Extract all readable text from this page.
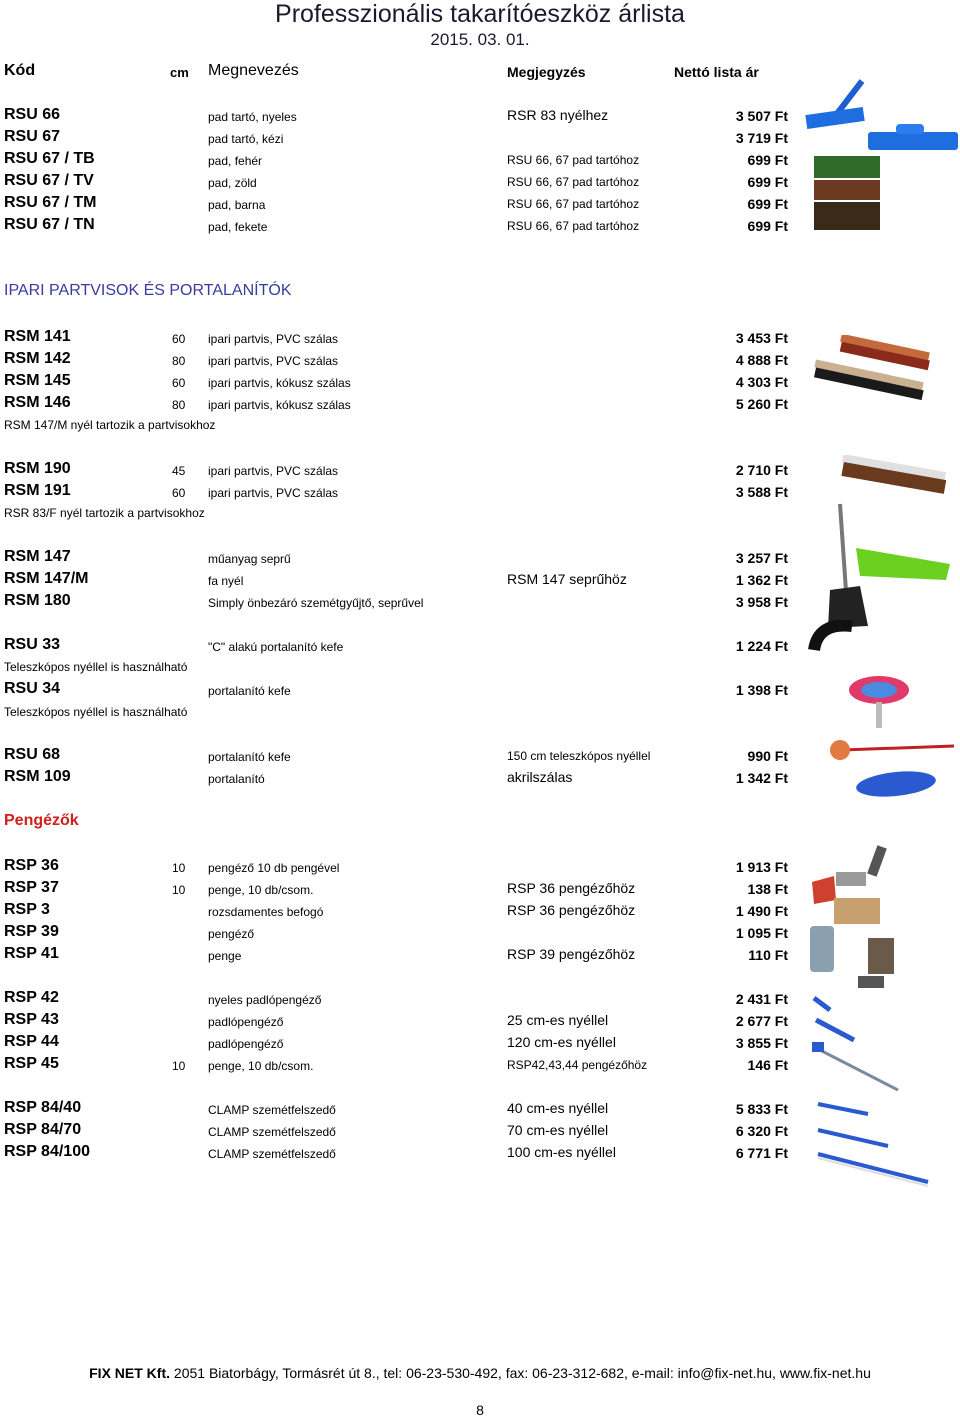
Professzionális takarítóeszköz árlista
2015. 03. 01.
Kód	cm Megnevezés	Megjegyzés	Nettó lista ár
RSU 66	pad tartó, nyeles	RSR 83 nyélhez	3 507 Ft
RSU 67	pad tartó, kézi	3 719 Ft
RSU 67 / TB	pad, fehér	RSU 66, 67 pad tartóhoz	699 Ft
RSU 67 / TV	pad, zöld	RSU 66, 67 pad tartóhoz	699 Ft
RSU 67 / TM	pad, barna	RSU 66, 67 pad tartóhoz	699 Ft
RSU 67 / TN	pad, fekete	RSU 66, 67 pad tartóhoz	699 Ft
RSM 141	60 ipari partvis, PVC szálas	3 453 Ft
RSM 142	80 ipari partvis, PVC szálas	4 888 Ft
RSM 145	60 ipari partvis, kókusz szálas	4 303 Ft
RSM 146	80 ipari partvis, kókusz szálas	5 260 Ft
RSM 190	45 ipari partvis, PVC szálas	2 710 Ft
RSM 191	60 ipari partvis, PVC szálas	3 588 Ft
RSM 147	műanyag seprű	3 257 Ft
RSM 147/M	fa nyél	RSM 147 seprűhöz	1 362 Ft
RSM 180	Simply önbezáró szemétgyűjtő, seprűvel	3 958 Ft
RSU 33	"C" alakú portalanító kefe	1 224 Ft
RSU 34	portalanító kefe	1 398 Ft
RSU 68	portalanító kefe	150 cm teleszkópos nyéllel	990 Ft
RSM 109	portalanító	akrilszálas	1 342 Ft
RSP 36	10 pengéző 10 db pengével	1 913 Ft
RSP 37	10 penge, 10 db/csom.	RSP 36 pengézőhöz	138 Ft
RSP 3	rozsdamentes befogó	RSP 36 pengézőhöz	1 490 Ft
RSP 39	pengéző	1 095 Ft
RSP 41	penge	RSP 39 pengézőhöz	110 Ft
RSP 42	nyeles padlópengéző	2 431 Ft
RSP 43	padlópengéző	25 cm-es nyéllel	2 677 Ft
RSP 44	padlópengéző	120 cm-es nyéllel	3 855 Ft
RSP 45	10 penge, 10 db/csom.	RSP42,43,44 pengézőhöz	146 Ft
RSP 84/40	CLAMP szemétfelszedő	40 cm-es nyéllel	5 833 Ft
RSP 84/70	CLAMP szemétfelszedő	70 cm-es nyéllel	6 320 Ft
RSP 84/100	CLAMP szemétfelszedő	100 cm-es nyéllel	6 771 Ft
IPARI PARTVISOK ÉS PORTALANÍTÓK
RSM 147/M nyél tartozik a partvisokhoz
RSR 83/F nyél tartozik a partvisokhoz
Teleszkópos nyéllel is használható
Teleszkópos nyéllel is használható
Pengézők
FIX NET Kft. 2051 Biatorbágy, Tormásrét út 8., tel: 06-23-530-492, fax: 06-23-312-682, e-mail: info@fix-net.hu, www.fix-net.hu
8
